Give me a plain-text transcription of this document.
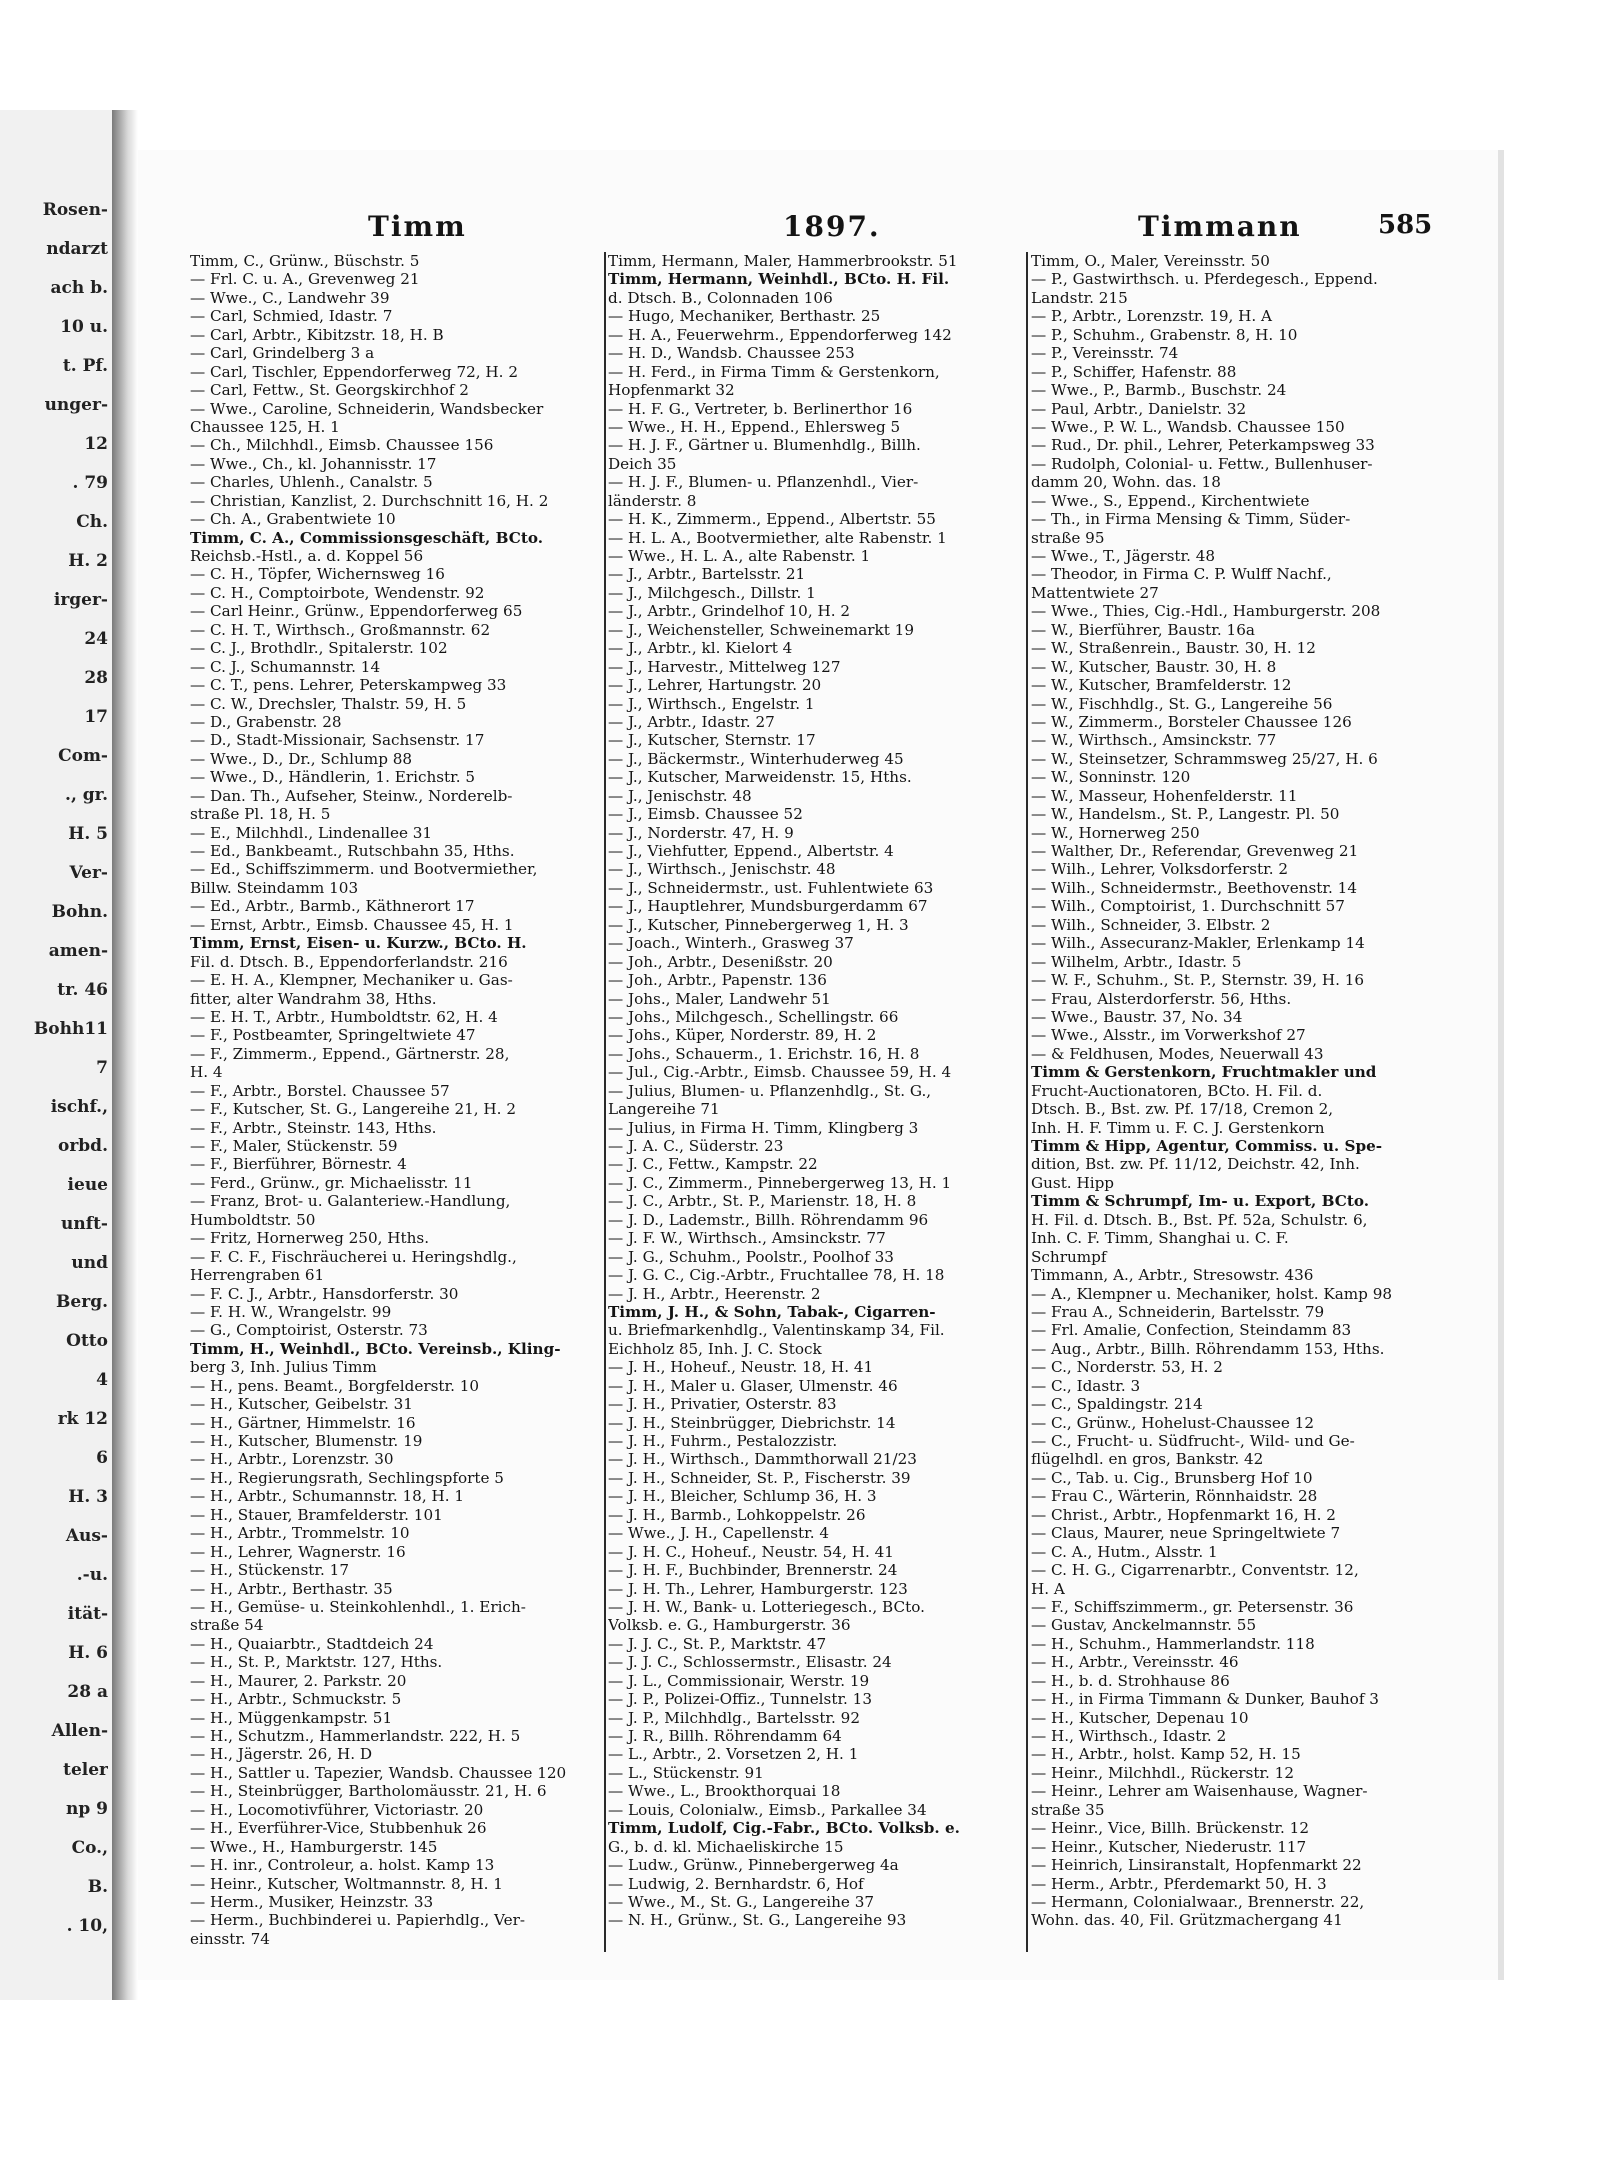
Rosen-
ndarzt
ach b.
10 u.
t. Pf.
unger-
12
. 79
Ch.
H. 2
irger-
24
28
17
Com-
., gr.
H. 5
Ver-
Bohn.
amen-
tr. 46
Bohh11
7
ischf.,
orbd.
ieue
unft-
und
Berg.
Otto
4
rk 12
6
H. 3
Aus-
.-u.
ität-
H. 6
28 a
Allen-
teler
np 9
Co.,
B.
. 10,
Timm	1897.	Timmann	585
Timm, C., Grünw., Büschstr. 5
— Frl. C. u. A., Grevenweg 21
— Wwe., C., Landwehr 39
— Carl, Schmied, Idastr. 7
— Carl, Arbtr., Kibitzstr. 18, H. B
— Carl, Grindelberg 3 a
— Carl, Tischler, Eppendorferweg 72, H. 2
— Carl, Fettw., St. Georgskirchhof 2
— Wwe., Caroline, Schneiderin, Wandsbecker
Chaussee 125, H. 1
— Ch., Milchhdl., Eimsb. Chaussee 156
— Wwe., Ch., kl. Johannisstr. 17
— Charles, Uhlenh., Canalstr. 5
— Christian, Kanzlist, 2. Durchschnitt 16, H. 2
— Ch. A., Grabentwiete 10
Timm, C. A., Commissionsgeschäft, BCto.
Reichsb.-Hstl., a. d. Koppel 56
— C. H., Töpfer, Wichernsweg 16
— C. H., Comptoirbote, Wendenstr. 92
— Carl Heinr., Grünw., Eppendorferweg 65
— C. H. T., Wirthsch., Großmannstr. 62
— C. J., Brothdlr., Spitalerstr. 102
— C. J., Schumannstr. 14
— C. T., pens. Lehrer, Peterskampweg 33
— C. W., Drechsler, Thalstr. 59, H. 5
— D., Grabenstr. 28
— D., Stadt-Missionair, Sachsenstr. 17
— Wwe., D., Dr., Schlump 88
— Wwe., D., Händlerin, 1. Erichstr. 5
— Dan. Th., Aufseher, Steinw., Norderelb-
straße Pl. 18, H. 5
— E., Milchhdl., Lindenallee 31
— Ed., Bankbeamt., Rutschbahn 35, Hths.
— Ed., Schiffszimmerm. und Bootvermiether,
Billw. Steindamm 103
— Ed., Arbtr., Barmb., Käthnerort 17
— Ernst, Arbtr., Eimsb. Chaussee 45, H. 1
Timm, Ernst, Eisen- u. Kurzw., BCto. H.
Fil. d. Dtsch. B., Eppendorferlandstr. 216
— E. H. A., Klempner, Mechaniker u. Gas-
fitter, alter Wandrahm 38, Hths.
— E. H. T., Arbtr., Humboldtstr. 62, H. 4
— F., Postbeamter, Springeltwiete 47
— F., Zimmerm., Eppend., Gärtnerstr. 28,
H. 4
— F., Arbtr., Borstel. Chaussee 57
— F., Kutscher, St. G., Langereihe 21, H. 2
— F., Arbtr., Steinstr. 143, Hths.
— F., Maler, Stückenstr. 59
— F., Bierführer, Börnestr. 4
— Ferd., Grünw., gr. Michaelisstr. 11
— Franz, Brot- u. Galanteriew.-Handlung,
Humboldtstr. 50
— Fritz, Hornerweg 250, Hths.
— F. C. F., Fischräucherei u. Heringshdlg.,
Herrengraben 61
— F. C. J., Arbtr., Hansdorferstr. 30
— F. H. W., Wrangelstr. 99
— G., Comptoirist, Osterstr. 73
Timm, H., Weinhdl., BCto. Vereinsb., Kling-
berg 3, Inh. Julius Timm
— H., pens. Beamt., Borgfelderstr. 10
— H., Kutscher, Geibelstr. 31
— H., Gärtner, Himmelstr. 16
— H., Kutscher, Blumenstr. 19
— H., Arbtr., Lorenzstr. 30
— H., Regierungsrath, Sechlingspforte 5
— H., Arbtr., Schumannstr. 18, H. 1
— H., Stauer, Bramfelderstr. 101
— H., Arbtr., Trommelstr. 10
— H., Lehrer, Wagnerstr. 16
— H., Stückenstr. 17
— H., Arbtr., Berthastr. 35
— H., Gemüse- u. Steinkohlenhdl., 1. Erich-
straße 54
— H., Quaiarbtr., Stadtdeich 24
— H., St. P., Marktstr. 127, Hths.
— H., Maurer, 2. Parkstr. 20
— H., Arbtr., Schmuckstr. 5
— H., Müggenkampstr. 51
— H., Schutzm., Hammerlandstr. 222, H. 5
— H., Jägerstr. 26, H. D
— H., Sattler u. Tapezier, Wandsb. Chaussee 120
— H., Steinbrügger, Bartholomäusstr. 21, H. 6
— H., Locomotivführer, Victoriastr. 20
— H., Everführer-Vice, Stubbenhuk 26
— Wwe., H., Hamburgerstr. 145
— H. inr., Controleur, a. holst. Kamp 13
— Heinr., Kutscher, Woltmannstr. 8, H. 1
— Herm., Musiker, Heinzstr. 33
— Herm., Buchbinderei u. Papierhdlg., Ver-
einsstr. 74
Timm, Hermann, Maler, Hammerbrookstr. 51
Timm, Hermann, Weinhdl., BCto. H. Fil.
d. Dtsch. B., Colonnaden 106
— Hugo, Mechaniker, Berthastr. 25
— H. A., Feuerwehrm., Eppendorferweg 142
— H. D., Wandsb. Chaussee 253
— H. Ferd., in Firma Timm & Gerstenkorn,
Hopfenmarkt 32
— H. F. G., Vertreter, b. Berlinerthor 16
— Wwe., H. H., Eppend., Ehlersweg 5
— H. J. F., Gärtner u. Blumenhdlg., Billh.
Deich 35
— H. J. F., Blumen- u. Pflanzenhdl., Vier-
länderstr. 8
— H. K., Zimmerm., Eppend., Albertstr. 55
— H. L. A., Bootvermiether, alte Rabenstr. 1
— Wwe., H. L. A., alte Rabenstr. 1
— J., Arbtr., Bartelsstr. 21
— J., Milchgesch., Dillstr. 1
— J., Arbtr., Grindelhof 10, H. 2
— J., Weichensteller, Schweinemarkt 19
— J., Arbtr., kl. Kielort 4
— J., Harvestr., Mittelweg 127
— J., Lehrer, Hartungstr. 20
— J., Wirthsch., Engelstr. 1
— J., Arbtr., Idastr. 27
— J., Kutscher, Sternstr. 17
— J., Bäckermstr., Winterhuderweg 45
— J., Kutscher, Marweidenstr. 15, Hths.
— J., Jenischstr. 48
— J., Eimsb. Chaussee 52
— J., Norderstr. 47, H. 9
— J., Viehfutter, Eppend., Albertstr. 4
— J., Wirthsch., Jenischstr. 48
— J., Schneidermstr., ust. Fuhlentwiete 63
— J., Hauptlehrer, Mundsburgerdamm 67
— J., Kutscher, Pinnebergerweg 1, H. 3
— Joach., Winterh., Grasweg 37
— Joh., Arbtr., Desenißstr. 20
— Joh., Arbtr., Papenstr. 136
— Johs., Maler, Landwehr 51
— Johs., Milchgesch., Schellingstr. 66
— Johs., Küper, Norderstr. 89, H. 2
— Johs., Schauerm., 1. Erichstr. 16, H. 8
— Jul., Cig.-Arbtr., Eimsb. Chaussee 59, H. 4
— Julius, Blumen- u. Pflanzenhdlg., St. G.,
Langereihe 71
— Julius, in Firma H. Timm, Klingberg 3
— J. A. C., Süderstr. 23
— J. C., Fettw., Kampstr. 22
— J. C., Zimmerm., Pinnebergerweg 13, H. 1
— J. C., Arbtr., St. P., Marienstr. 18, H. 8
— J. D., Lademstr., Billh. Röhrendamm 96
— J. F. W., Wirthsch., Amsinckstr. 77
— J. G., Schuhm., Poolstr., Poolhof 33
— J. G. C., Cig.-Arbtr., Fruchtallee 78, H. 18
— J. H., Arbtr., Heerenstr. 2
Timm, J. H., & Sohn, Tabak-, Cigarren-
u. Briefmarkenhdlg., Valentinskamp 34, Fil.
Eichholz 85, Inh. J. C. Stock
— J. H., Hoheuf., Neustr. 18, H. 41
— J. H., Maler u. Glaser, Ulmenstr. 46
— J. H., Privatier, Osterstr. 83
— J. H., Steinbrügger, Diebrichstr. 14
— J. H., Fuhrm., Pestalozzistr.
— J. H., Wirthsch., Dammthorwall 21/23
— J. H., Schneider, St. P., Fischerstr. 39
— J. H., Bleicher, Schlump 36, H. 3
— J. H., Barmb., Lohkoppelstr. 26
— Wwe., J. H., Capellenstr. 4
— J. H. C., Hoheuf., Neustr. 54, H. 41
— J. H. F., Buchbinder, Brennerstr. 24
— J. H. Th., Lehrer, Hamburgerstr. 123
— J. H. W., Bank- u. Lotteriegesch., BCto.
Volksb. e. G., Hamburgerstr. 36
— J. J. C., St. P., Marktstr. 47
— J. J. C., Schlossermstr., Elisastr. 24
— J. L., Commissionair, Werstr. 19
— J. P., Polizei-Offiz., Tunnelstr. 13
— J. P., Milchhdlg., Bartelsstr. 92
— J. R., Billh. Röhrendamm 64
— L., Arbtr., 2. Vorsetzen 2, H. 1
— L., Stückenstr. 91
— Wwe., L., Brookthorquai 18
— Louis, Colonialw., Eimsb., Parkallee 34
Timm, Ludolf, Cig.-Fabr., BCto. Volksb. e.
G., b. d. kl. Michaeliskirche 15
— Ludw., Grünw., Pinnebergerweg 4a
— Ludwig, 2. Bernhardstr. 6, Hof
— Wwe., M., St. G., Langereihe 37
— N. H., Grünw., St. G., Langereihe 93
Timm, O., Maler, Vereinsstr. 50
— P., Gastwirthsch. u. Pferdegesch., Eppend.
Landstr. 215
— P., Arbtr., Lorenzstr. 19, H. A
— P., Schuhm., Grabenstr. 8, H. 10
— P., Vereinsstr. 74
— P., Schiffer, Hafenstr. 88
— Wwe., P., Barmb., Buschstr. 24
— Paul, Arbtr., Danielstr. 32
— Wwe., P. W. L., Wandsb. Chaussee 150
— Rud., Dr. phil., Lehrer, Peterkampsweg 33
— Rudolph, Colonial- u. Fettw., Bullenhuser-
damm 20, Wohn. das. 18
— Wwe., S., Eppend., Kirchentwiete
— Th., in Firma Mensing & Timm, Süder-
straße 95
— Wwe., T., Jägerstr. 48
— Theodor, in Firma C. P. Wulff Nachf.,
Mattentwiete 27
— Wwe., Thies, Cig.-Hdl., Hamburgerstr. 208
— W., Bierführer, Baustr. 16a
— W., Straßenrein., Baustr. 30, H. 12
— W., Kutscher, Baustr. 30, H. 8
— W., Kutscher, Bramfelderstr. 12
— W., Fischhdlg., St. G., Langereihe 56
— W., Zimmerm., Borsteler Chaussee 126
— W., Wirthsch., Amsinckstr. 77
— W., Steinsetzer, Schrammsweg 25/27, H. 6
— W., Sonninstr. 120
— W., Masseur, Hohenfelderstr. 11
— W., Handelsm., St. P., Langestr. Pl. 50
— W., Hornerweg 250
— Walther, Dr., Referendar, Grevenweg 21
— Wilh., Lehrer, Volksdorferstr. 2
— Wilh., Schneidermstr., Beethovenstr. 14
— Wilh., Comptoirist, 1. Durchschnitt 57
— Wilh., Schneider, 3. Elbstr. 2
— Wilh., Assecuranz-Makler, Erlenkamp 14
— Wilhelm, Arbtr., Idastr. 5
— W. F., Schuhm., St. P., Sternstr. 39, H. 16
— Frau, Alsterdorferstr. 56, Hths.
— Wwe., Baustr. 37, No. 34
— Wwe., Alsstr., im Vorwerkshof 27
— & Feldhusen, Modes, Neuerwall 43
Timm & Gerstenkorn, Fruchtmakler und
Frucht-Auctionatoren, BCto. H. Fil. d.
Dtsch. B., Bst. zw. Pf. 17/18, Cremon 2,
Inh. H. F. Timm u. F. C. J. Gerstenkorn
Timm & Hipp, Agentur, Commiss. u. Spe-
dition, Bst. zw. Pf. 11/12, Deichstr. 42, Inh.
Gust. Hipp
Timm & Schrumpf, Im- u. Export, BCto.
H. Fil. d. Dtsch. B., Bst. Pf. 52a, Schulstr. 6,
Inh. C. F. Timm, Shanghai u. C. F.
Schrumpf
Timmann, A., Arbtr., Stresowstr. 436
— A., Klempner u. Mechaniker, holst. Kamp 98
— Frau A., Schneiderin, Bartelsstr. 79
— Frl. Amalie, Confection, Steindamm 83
— Aug., Arbtr., Billh. Röhrendamm 153, Hths.
— C., Norderstr. 53, H. 2
— C., Idastr. 3
— C., Spaldingstr. 214
— C., Grünw., Hohelust-Chaussee 12
— C., Frucht- u. Südfrucht-, Wild- und Ge-
flügelhdl. en gros, Bankstr. 42
— C., Tab. u. Cig., Brunsberg Hof 10
— Frau C., Wärterin, Rönnhaidstr. 28
— Christ., Arbtr., Hopfenmarkt 16, H. 2
— Claus, Maurer, neue Springeltwiete 7
— C. A., Hutm., Alsstr. 1
— C. H. G., Cigarrenarbtr., Conventstr. 12,
H. A
— F., Schiffszimmerm., gr. Petersenstr. 36
— Gustav, Anckelmannstr. 55
— H., Schuhm., Hammerlandstr. 118
— H., Arbtr., Vereinsstr. 46
— H., b. d. Strohhause 86
— H., in Firma Timmann & Dunker, Bauhof 3
— H., Kutscher, Depenau 10
— H., Wirthsch., Idastr. 2
— H., Arbtr., holst. Kamp 52, H. 15
— Heinr., Milchhdl., Rückerstr. 12
— Heinr., Lehrer am Waisenhause, Wagner-
straße 35
— Heinr., Vice, Billh. Brückenstr. 12
— Heinr., Kutscher, Niederustr. 117
— Heinrich, Linsiranstalt, Hopfenmarkt 22
— Herm., Arbtr., Pferdemarkt 50, H. 3
— Hermann, Colonialwaar., Brennerstr. 22,
Wohn. das. 40, Fil. Grützmachergang 41
